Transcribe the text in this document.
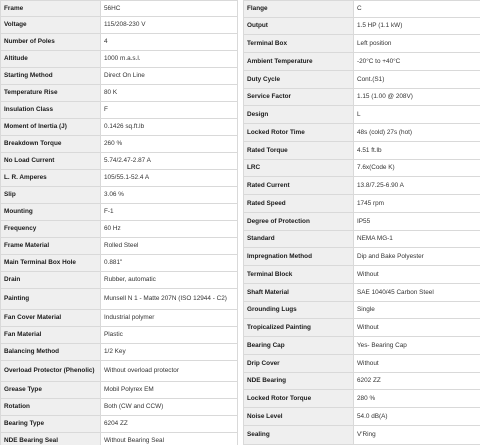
Frame	56HC
Voltage	115/208-230 V
Number of Poles	4
Altitude	1000 m.a.s.l.
Starting Method	Direct On Line
Temperature Rise	80 K
Insulation Class	F
Moment of Inertia (J)	0.1426 sq.ft.lb
Breakdown Torque	260 %
No Load Current	5.74/2.47-2.87 A
L. R. Amperes	105/55.1-52.4 A
Slip	3.06 %
Mounting	F-1
Frequency	60 Hz
Frame Material	Rolled Steel
Main Terminal Box Hole	0.881"
Drain	Rubber, automatic
Painting	Munsell N 1 - Matte 207N (ISO 12944 - C2)
Fan Cover Material	Industrial polymer
Fan Material	Plastic
Balancing Method	1/2 Key
Overload Protector (Phenolic)	Without overload protector
Grease Type	Mobil Polyrex EM
Rotation	Both (CW and CCW)
Bearing Type	6204 ZZ
NDE Bearing Seal	Without Bearing Seal
Flange	C
Output	1.5 HP (1.1 kW)
Terminal Box	Left position
Ambient Temperature	-20°C to +40°C
Duty Cycle	Cont.(S1)
Service Factor	1.15 (1.00 @ 208V)
Design	L
Locked Rotor Time	48s (cold) 27s (hot)
Rated Torque	4.51 ft.lb
LRC	7.6x(Code K)
Rated Current	13.8/7.25-6.90 A
Rated Speed	1745 rpm
Degree of Protection	IP55
Standard	NEMA MG-1
Impregnation Method	Dip and Bake Polyester
Terminal Block	Without
Shaft Material	SAE 1040/45 Carbon Steel
Grounding Lugs	Single
Tropicalized Painting	Without
Bearing Cap	Yes- Bearing Cap
Drip Cover	Without
NDE Bearing	6202 ZZ
Locked Rotor Torque	280 %
Noise Level	54.0 dB(A)
Sealing	V'Ring
